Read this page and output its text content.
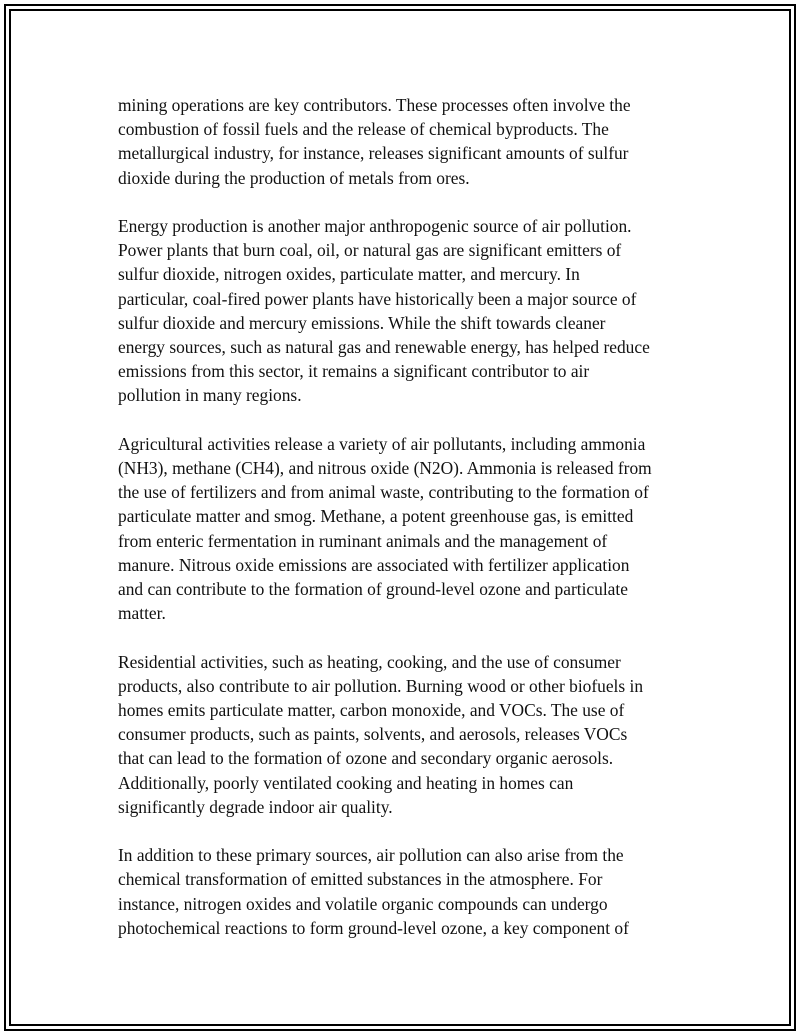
mining operations are key contributors. These processes often involve the
combustion of fossil fuels and the release of chemical byproducts. The
metallurgical industry, for instance, releases significant amounts of sulfur
dioxide during the production of metals from ores.

Energy production is another major anthropogenic source of air pollution.
Power plants that burn coal, oil, or natural gas are significant emitters of
sulfur dioxide, nitrogen oxides, particulate matter, and mercury. In
particular, coal-fired power plants have historically been a major source of
sulfur dioxide and mercury emissions. While the shift towards cleaner
energy sources, such as natural gas and renewable energy, has helped reduce
emissions from this sector, it remains a significant contributor to air
pollution in many regions.

Agricultural activities release a variety of air pollutants, including ammonia
(NH3), methane (CH4), and nitrous oxide (N2O). Ammonia is released from
the use of fertilizers and from animal waste, contributing to the formation of
particulate matter and smog. Methane, a potent greenhouse gas, is emitted
from enteric fermentation in ruminant animals and the management of
manure. Nitrous oxide emissions are associated with fertilizer application
and can contribute to the formation of ground-level ozone and particulate
matter.

Residential activities, such as heating, cooking, and the use of consumer
products, also contribute to air pollution. Burning wood or other biofuels in
homes emits particulate matter, carbon monoxide, and VOCs. The use of
consumer products, such as paints, solvents, and aerosols, releases VOCs
that can lead to the formation of ozone and secondary organic aerosols.
Additionally, poorly ventilated cooking and heating in homes can
significantly degrade indoor air quality.

In addition to these primary sources, air pollution can also arise from the
chemical transformation of emitted substances in the atmosphere. For
instance, nitrogen oxides and volatile organic compounds can undergo
photochemical reactions to form ground-level ozone, a key component of
